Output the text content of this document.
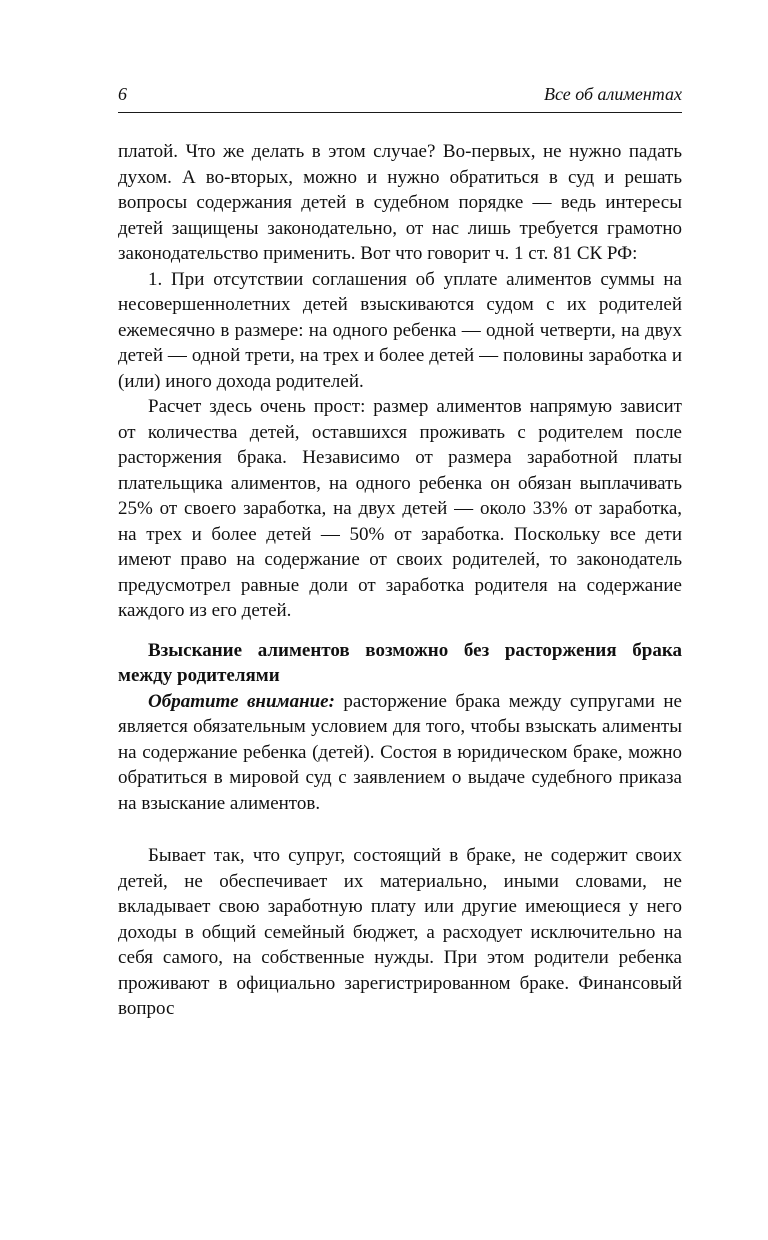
6	Все об алиментах

платой. Что же делать в этом случае? Во-первых, не нужно падать духом. А во-вторых, можно и нужно обратиться в суд и решать вопросы содержания детей в судебном порядке — ведь интересы детей защищены законодательно, от нас лишь требуется грамотно законодательство применить. Вот что говорит ч. 1 ст. 81 СК РФ:

1. При отсутствии соглашения об уплате алиментов суммы на несовершеннолетних детей взыскиваются судом с их родителей ежемесячно в размере: на одного ребенка — одной четверти, на двух детей — одной трети, на трех и более детей — половины заработка и (или) иного дохода родителей.

Расчет здесь очень прост: размер алиментов напрямую зависит от количества детей, оставшихся проживать с родителем после расторжения брака. Независимо от размера заработной платы плательщика алиментов, на одного ребенка он обязан выплачивать 25% от своего заработка, на двух детей — около 33% от заработка, на трех и более детей — 50% от заработка. Поскольку все дети имеют право на содержание от своих родителей, то законодатель предусмотрел равные доли от заработка родителя на содержание каждого из его детей.

Взыскание алиментов возможно без расторжения брака между родителями

Обратите внимание: расторжение брака между супругами не является обязательным условием для того, чтобы взыскать алименты на содержание ребенка (детей). Состоя в юридическом браке, можно обратиться в мировой суд с заявлением о выдаче судебного приказа на взыскание алиментов.

Бывает так, что супруг, состоящий в браке, не содержит своих детей, не обеспечивает их материально, иными словами, не вкладывает свою заработную плату или другие имеющиеся у него доходы в общий семейный бюджет, а расходует исключительно на себя самого, на собственные нужды. При этом родители ребенка проживают в официально зарегистрированном браке. Финансовый вопрос
